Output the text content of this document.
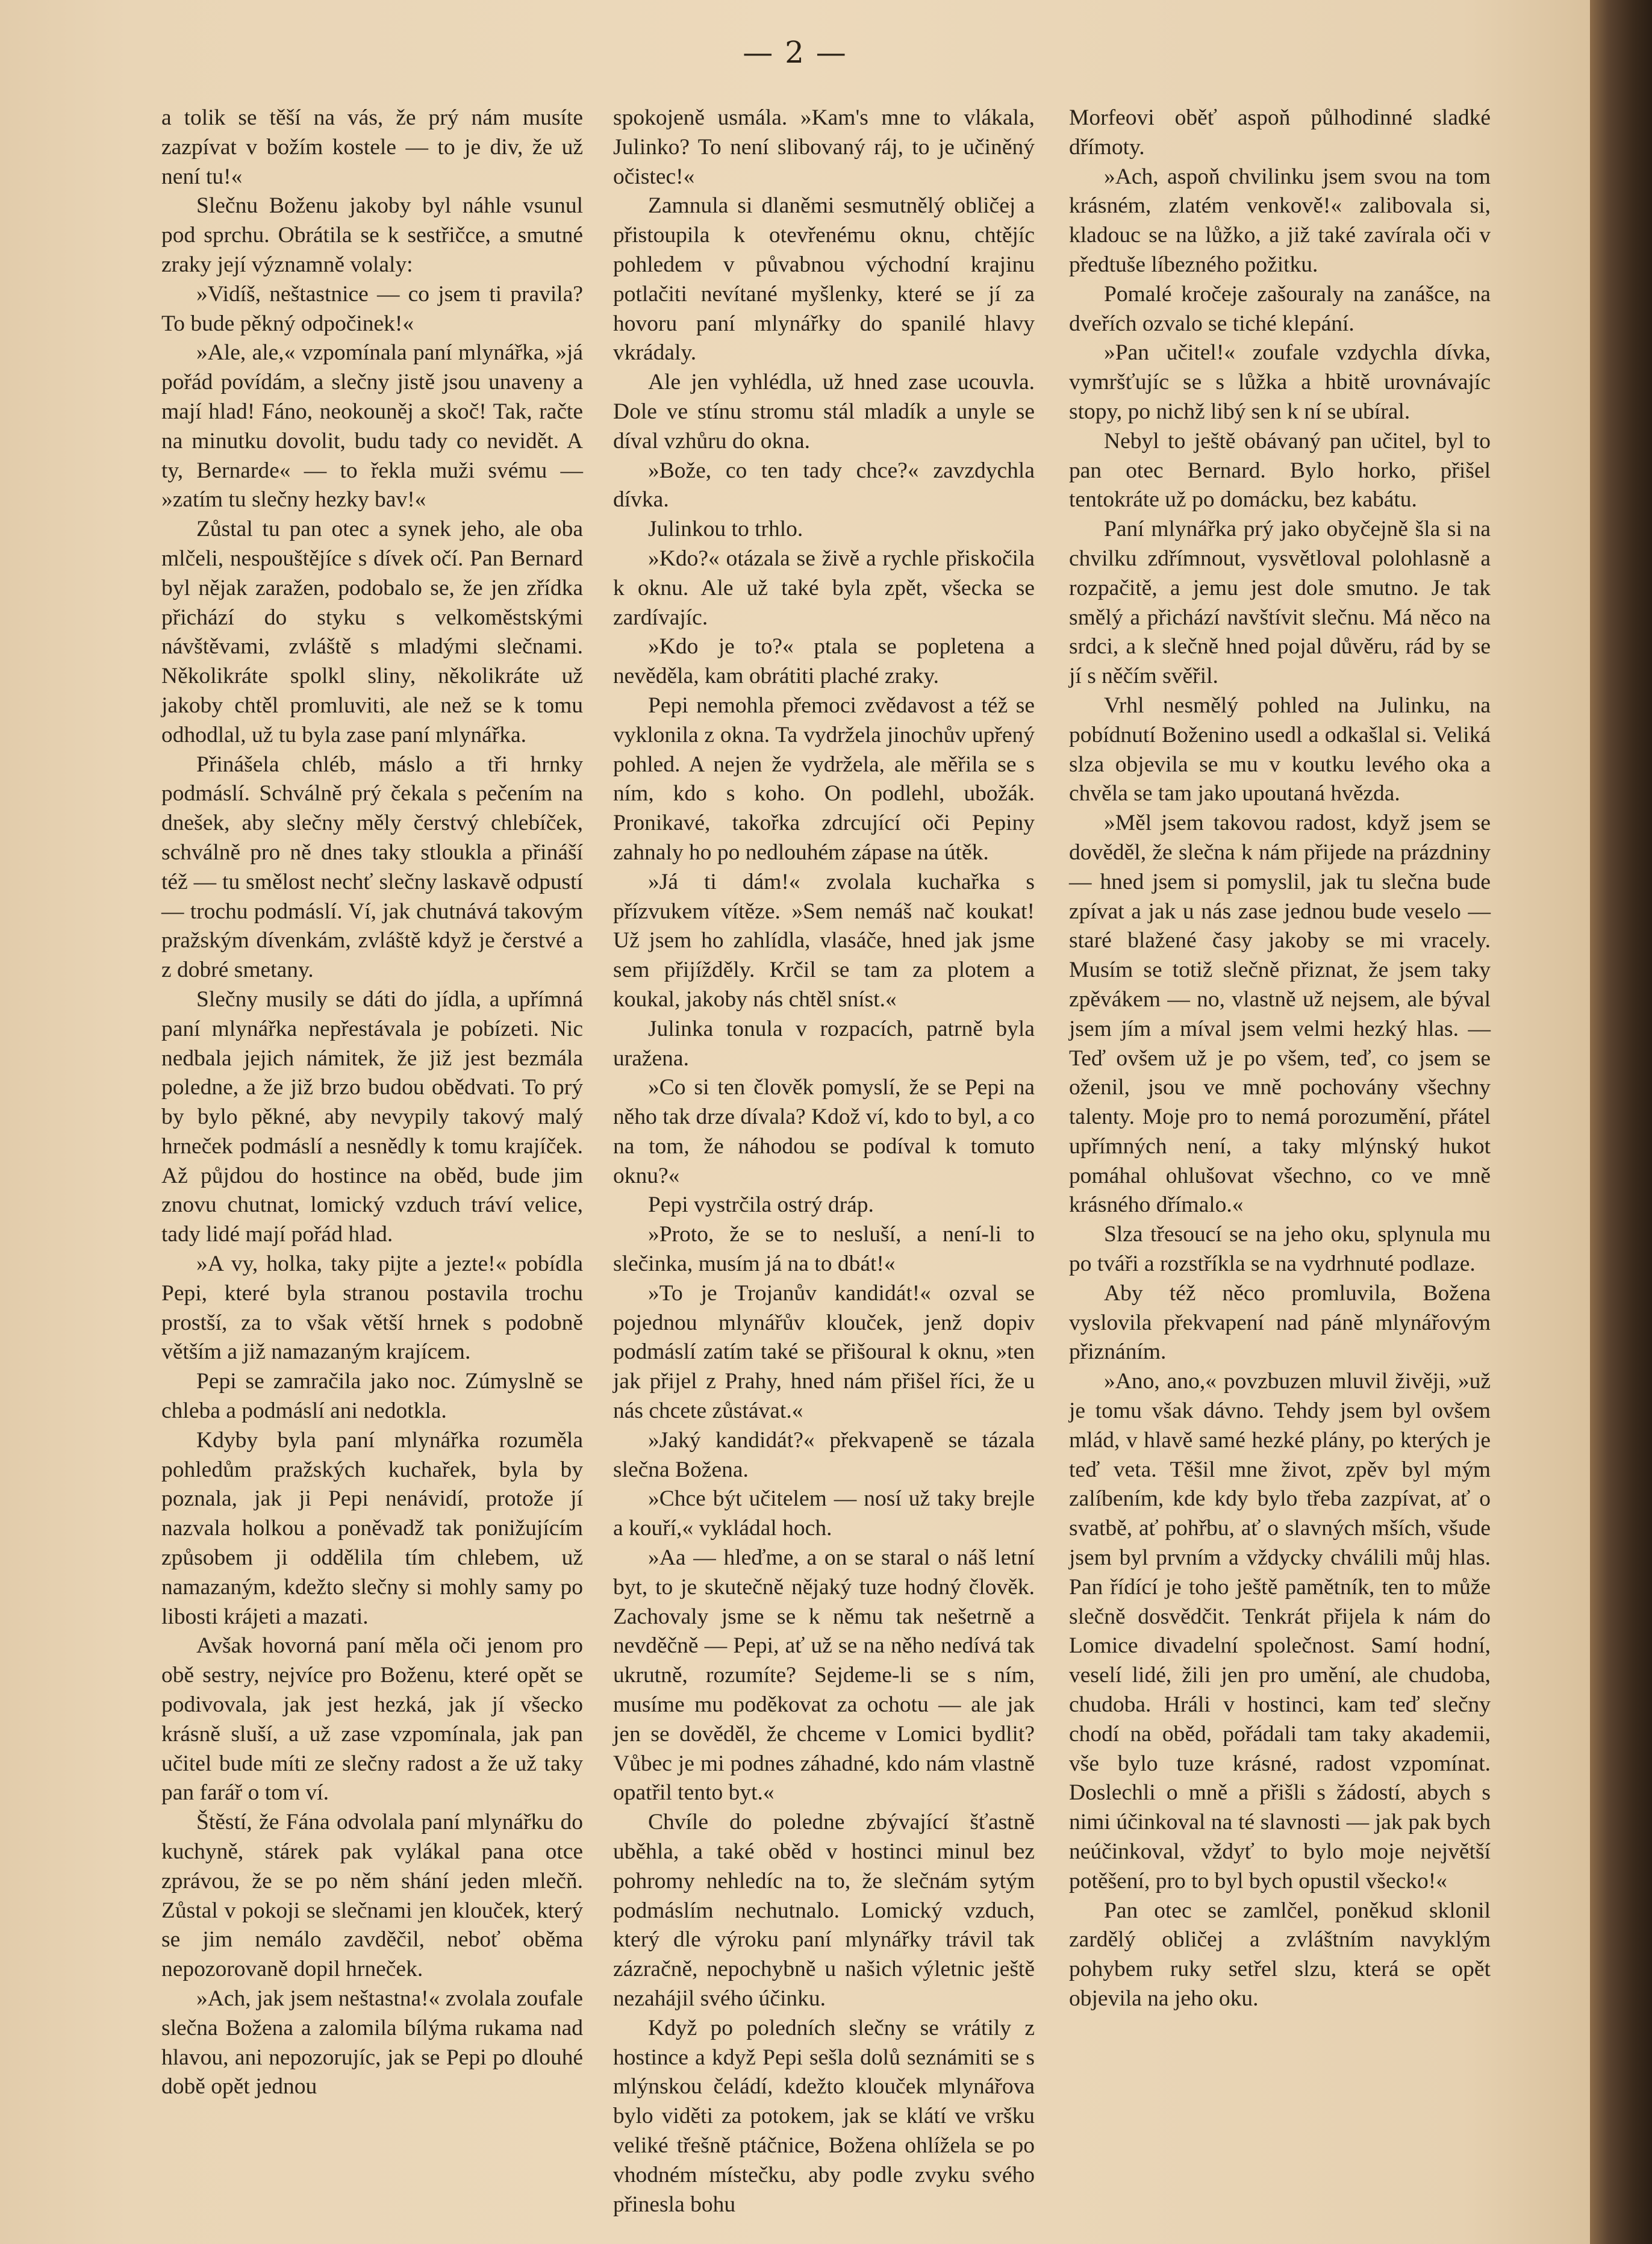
— 2 —

a tolik se těší na vás, že prý nám musíte zazpívat v božím kostele — to je div, že už není tu!«

Slečnu Boženu jakoby byl náhle vsunul pod sprchu. Obrátila se k sestřičce, a smutné zraky její významně volaly:

»Vidíš, neštastnice — co jsem ti pravila? To bude pěkný odpočinek!«

»Ale, ale,« vzpomínala paní mlynářka, »já pořád povídám, a slečny jistě jsou unaveny a mají hlad! Fáno, neokouněj a skoč! Tak, račte na minutku dovolit, budu tady co nevidět. A ty, Bernarde« — to řekla muži svému — »zatím tu slečny hezky bav!«

Zůstal tu pan otec a synek jeho, ale oba mlčeli, nespouštějíce s dívek očí. Pan Bernard byl nějak zaražen, podobalo se, že jen zřídka přichází do styku s velkoměstskými návštěvami, zvláště s mladými slečnami. Několikráte spolkl sliny, několikráte už jakoby chtěl promluviti, ale než se k tomu odhodlal, už tu byla zase paní mlynářka.

Přinášela chléb, máslo a tři hrnky podmáslí. Schválně prý čekala s pečením na dnešek, aby slečny měly čerstvý chlebíček, schválně pro ně dnes taky stloukla a přináší též — tu smělost nechť slečny laskavě odpustí — trochu podmáslí. Ví, jak chutnává takovým pražským dívenkám, zvláště když je čerstvé a z dobré smetany.

Slečny musily se dáti do jídla, a upřímná paní mlynářka nepřestávala je pobízeti. Nic nedbala jejich námitek, že již jest bezmála poledne, a že již brzo budou obědvati. To prý by bylo pěkné, aby nevypily takový malý hrneček podmáslí a nesnědly k tomu krajíček. Až půjdou do hostince na oběd, bude jim znovu chutnat, lomický vzduch tráví velice, tady lidé mají pořád hlad.

»A vy, holka, taky pijte a jezte!« pobídla Pepi, které byla stranou postavila trochu prostší, za to však větší hrnek s podobně větším a již namazaným krajícem.

Pepi se zamračila jako noc. Zúmyslně se chleba a podmáslí ani nedotkla.

Kdyby byla paní mlynářka rozuměla pohledům pražských kuchařek, byla by poznala, jak ji Pepi nenávidí, protože jí nazvala holkou a poněvadž tak ponižujícím způsobem ji oddělila tím chlebem, už namazaným, kdežto slečny si mohly samy po libosti krájeti a mazati.

Avšak hovorná paní měla oči jenom pro obě sestry, nejvíce pro Boženu, které opět se podivovala, jak jest hezká, jak jí všecko krásně sluší, a už zase vzpomínala, jak pan učitel bude míti ze slečny radost a že už taky pan farář o tom ví.

Štěstí, že Fána odvolala paní mlynářku do kuchyně, stárek pak vylákal pana otce zprávou, že se po něm shání jeden mlečň. Zůstal v pokoji se slečnami jen klouček, který se jim nemálo zavděčil, neboť oběma nepozorovaně dopil hrneček.

»Ach, jak jsem neštastna!« zvolala zoufale slečna Božena a zalomila bílýma rukama nad hlavou, ani nepozorujíc, jak se Pepi po dlouhé době opět jednou

spokojeně usmála. »Kam's mne to vlákala, Julinko? To není slibovaný ráj, to je učiněný očistec!«

Zamnula si dlaněmi sesmutnělý obličej a přistoupila k otevřenému oknu, chtějíc pohledem v půvabnou východní krajinu potlačiti nevítané myšlenky, které se jí za hovoru paní mlynářky do spanilé hlavy vkrádaly.

Ale jen vyhlédla, už hned zase ucouvla. Dole ve stínu stromu stál mladík a unyle se díval vzhůru do okna.

»Bože, co ten tady chce?« zavzdychla dívka.

Julinkou to trhlo.

»Kdo?« otázala se živě a rychle přiskočila k oknu. Ale už také byla zpět, všecka se zardívajíc.

»Kdo je to?« ptala se popletena a nevěděla, kam obrátiti plaché zraky.

Pepi nemohla přemoci zvědavost a též se vyklonila z okna. Ta vydržela jinochův upřený pohled. A nejen že vydržela, ale měřila se s ním, kdo s koho. On podlehl, ubožák. Pronikavé, takořka zdrcující oči Pepiny zahnaly ho po nedlouhém zápase na útěk.

»Já ti dám!« zvolala kuchařka s přízvukem vítěze. »Sem nemáš nač koukat! Už jsem ho zahlídla, vlasáče, hned jak jsme sem přijížděly. Krčil se tam za plotem a koukal, jakoby nás chtěl sníst.«

Julinka tonula v rozpacích, patrně byla uražena.

»Co si ten člověk pomyslí, že se Pepi na něho tak drze dívala? Kdož ví, kdo to byl, a co na tom, že náhodou se podíval k tomuto oknu?«

Pepi vystrčila ostrý dráp.

»Proto, že se to nesluší, a není-li to slečinka, musím já na to dbát!«

»To je Trojanův kandidát!« ozval se pojednou mlynářův klouček, jenž dopiv podmáslí zatím také se přišoural k oknu, »ten jak přijel z Prahy, hned nám přišel říci, že u nás chcete zůstávat.«

»Jaký kandidát?« překvapeně se tázala slečna Božena.

»Chce být učitelem — nosí už taky brejle a kouří,« vykládal hoch.

»Aa — hleďme, a on se staral o náš letní byt, to je skutečně nějaký tuze hodný člověk. Zachovaly jsme se k němu tak nešetrně a nevděčně — Pepi, ať už se na něho nedívá tak ukrutně, rozumíte? Sejdeme-li se s ním, musíme mu poděkovat za ochotu — ale jak jen se dověděl, že chceme v Lomici bydlit? Vůbec je mi podnes záhadné, kdo nám vlastně opatřil tento byt.«

Chvíle do poledne zbývající šťastně uběhla, a také oběd v hostinci minul bez pohromy nehledíc na to, že slečnám sytým podmáslím nechutnalo. Lomický vzduch, který dle výroku paní mlynářky trávil tak zázračně, nepochybně u našich výletnic ještě nezahájil svého účinku.

Když po poledních slečny se vrátily z hostince a když Pepi sešla dolů seznámiti se s mlýnskou čeládí, kdežto klouček mlynářova bylo viděti za potokem, jak se klátí ve vršku veliké třešně ptáčnice, Božena ohlížela se po vhodném místečku, aby podle zvyku svého přinesla bohu

Morfeovi oběť aspoň půlhodinné sladké dřímoty.

»Ach, aspoň chvilinku jsem svou na tom krásném, zlatém venkově!« zalibovala si, kladouc se na lůžko, a již také zavírala oči v předtuše líbezného požitku.

Pomalé kročeje zašouraly na zanášce, na dveřích ozvalo se tiché klepání.

»Pan učitel!« zoufale vzdychla dívka, vymršťujíc se s lůžka a hbitě urovnávajíc stopy, po nichž libý sen k ní se ubíral.

Nebyl to ještě obávaný pan učitel, byl to pan otec Bernard. Bylo horko, přišel tentokráte už po domácku, bez kabátu.

Paní mlynářka prý jako obyčejně šla si na chvilku zdřímnout, vysvětloval polohlasně a rozpačitě, a jemu jest dole smutno. Je tak smělý a přichází navštívit slečnu. Má něco na srdci, a k slečně hned pojal důvěru, rád by se jí s něčím svěřil.

Vrhl nesmělý pohled na Julinku, na pobídnutí Boženino usedl a odkašlal si. Veliká slza objevila se mu v koutku levého oka a chvěla se tam jako upoutaná hvězda.

»Měl jsem takovou radost, když jsem se dověděl, že slečna k nám přijede na prázdniny — hned jsem si pomyslil, jak tu slečna bude zpívat a jak u nás zase jednou bude veselo — staré blažené časy jakoby se mi vracely. Musím se totiž slečně přiznat, že jsem taky zpěvákem — no, vlastně už nejsem, ale býval jsem jím a míval jsem velmi hezký hlas. — Teď ovšem už je po všem, teď, co jsem se oženil, jsou ve mně pochovány všechny talenty. Moje pro to nemá porozumění, přátel upřímných není, a taky mlýnský hukot pomáhal ohlušovat všechno, co ve mně krásného dřímalo.«

Slza třesoucí se na jeho oku, splynula mu po tváři a rozstříkla se na vydrhnuté podlaze.

Aby též něco promluvila, Božena vyslovila překvapení nad páně mlynářovým přiznáním.

»Ano, ano,« povzbuzen mluvil živěji, »už je tomu však dávno. Tehdy jsem byl ovšem mlád, v hlavě samé hezké plány, po kterých je teď veta. Těšil mne život, zpěv byl mým zalíbením, kde kdy bylo třeba zazpívat, ať o svatbě, ať pohřbu, ať o slavných mších, všude jsem byl prvním a vždycky chválili můj hlas. Pan řídící je toho ještě pamětník, ten to může slečně dosvědčit. Tenkrát přijela k nám do Lomice divadelní společnost. Samí hodní, veselí lidé, žili jen pro umění, ale chudoba, chudoba. Hráli v hostinci, kam teď slečny chodí na oběd, pořádali tam taky akademii, vše bylo tuze krásné, radost vzpomínat. Doslechli o mně a přišli s žádostí, abych s nimi účinkoval na té slavnosti — jak pak bych neúčinkoval, vždyť to bylo moje největší potěšení, pro to byl bych opustil všecko!«

Pan otec se zamlčel, poněkud sklonil zardělý obličej a zvláštním navyklým pohybem ruky setřel slzu, která se opět objevila na jeho oku.
